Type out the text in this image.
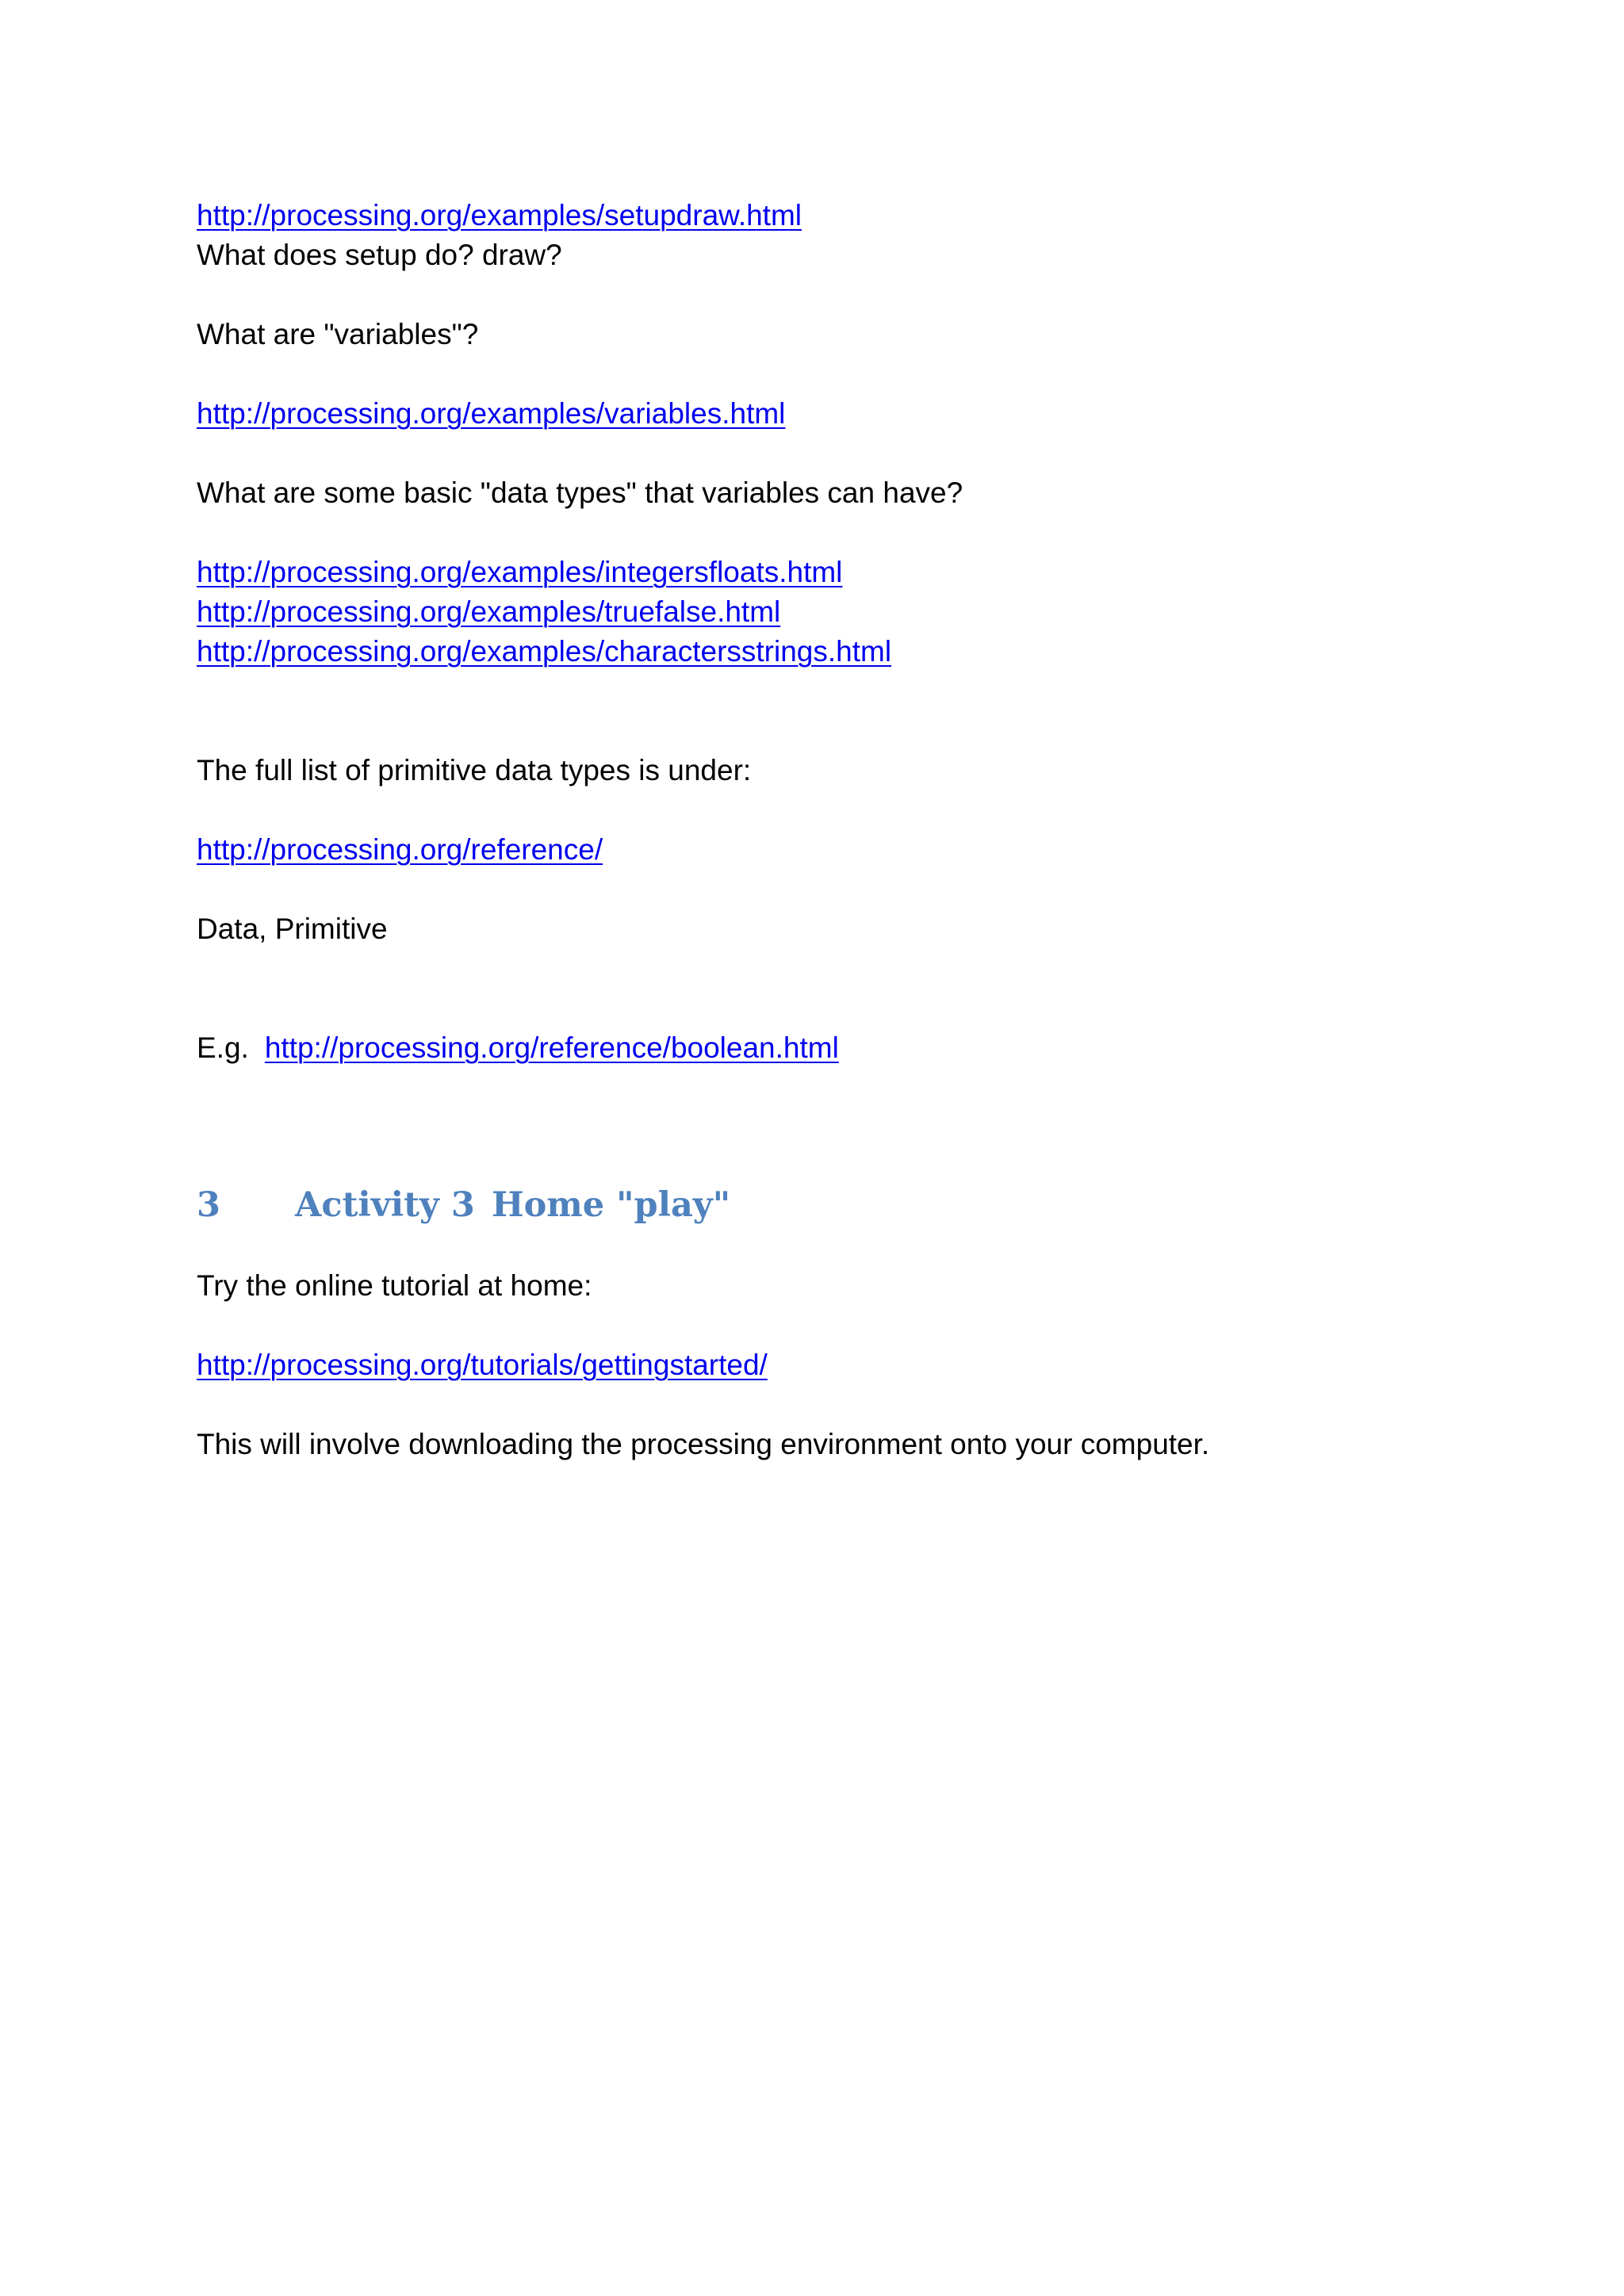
http://processing.org/examples/setupdraw.html
What does setup do? draw?
What are "variables"?
http://processing.org/examples/variables.html
What are some basic "data types" that variables can have?
http://processing.org/examples/integersfloats.html
http://processing.org/examples/truefalse.html
http://processing.org/examples/charactersstrings.html
The full list of primitive data types is under:
http://processing.org/reference/
Data, Primitive
E.g. http://processing.org/reference/boolean.html
3 Activity 3 Home "play"
Try the online tutorial at home:
http://processing.org/tutorials/gettingstarted/
This will involve downloading the processing environment onto your computer.
